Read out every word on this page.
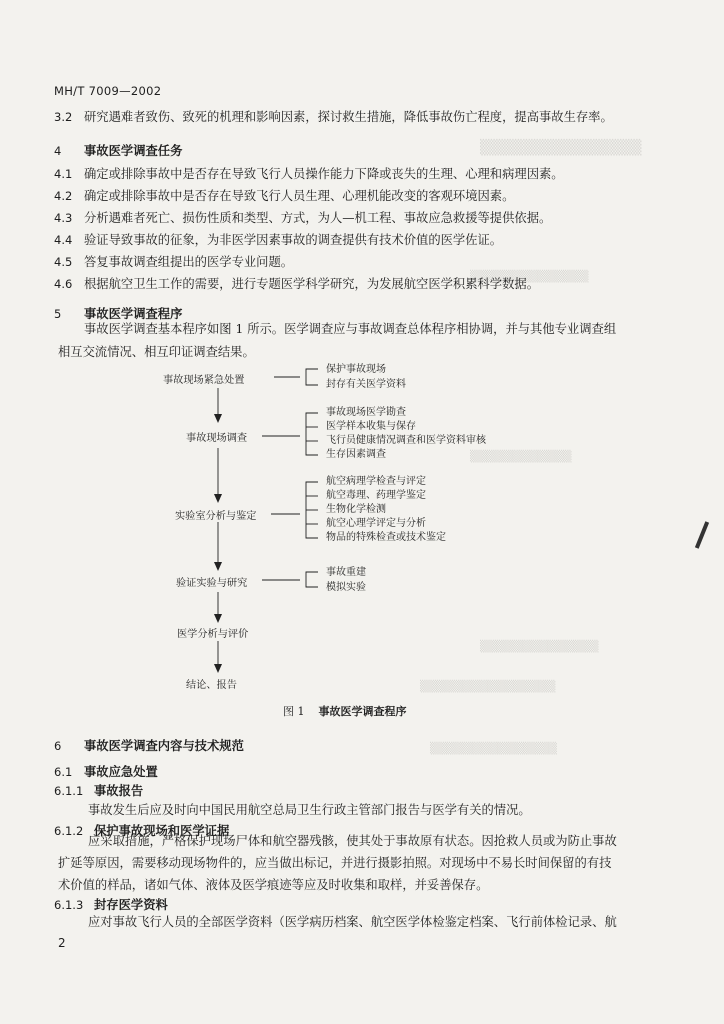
▒▒▒▒▒▒▒▒▒▒▒▒▒▒▒
▒▒▒▒▒▒▒▒▒▒▒▒▒▒
▒▒▒▒▒▒▒▒▒▒▒▒
▒▒▒▒▒▒▒▒▒▒▒▒▒▒
▒▒▒▒▒▒▒▒▒▒▒▒▒▒▒▒
▒▒▒▒▒▒▒▒▒▒▒▒▒▒▒
MH/T 7009—2002
3.2 研究遇难者致伤、致死的机理和影响因素，探讨救生措施，降低事故伤亡程度，提高事故生存率。
4 事故医学调查任务
4.1 确定或排除事故中是否存在导致飞行人员操作能力下降或丧失的生理、心理和病理因素。
4.2 确定或排除事故中是否存在导致飞行人员生理、心理机能改变的客观环境因素。
4.3 分析遇难者死亡、损伤性质和类型、方式，为人—机工程、事故应急救援等提供依据。
4.4 验证导致事故的征象，为非医学因素事故的调查提供有技术价值的医学佐证。
4.5 答复事故调查组提出的医学专业问题。
4.6 根据航空卫生工作的需要，进行专题医学科学研究，为发展航空医学积累科学数据。
5 事故医学调查程序
事故医学调查基本程序如图 1 所示。医学调查应与事故调查总体程序相协调，并与其他专业调查组
相互交流情况、相互印证调查结果。
事故现场紧急处置
保护事故现场
封存有关医学资料
事故现场调查
事故现场医学勘查
医学样本收集与保存
飞行员健康情况调查和医学资料审核
生存因素调查
实验室分析与鉴定
航空病理学检查与评定
航空毒理、药理学鉴定
生物化学检测
航空心理学评定与分析
物品的特殊检查或技术鉴定
验证实验与研究
事故重建
模拟实验
医学分析与评价
结论、报告
图 1 事故医学调查程序
6 事故医学调查内容与技术规范
6.1 事故应急处置
6.1.1 事故报告
事故发生后应及时向中国民用航空总局卫生行政主管部门报告与医学有关的情况。
6.1.2 保护事故现场和医学证据
应采取措施，严格保护现场尸体和航空器残骸，使其处于事故原有状态。因抢救人员或为防止事故
扩延等原因，需要移动现场物件的，应当做出标记，并进行摄影拍照。对现场中不易长时间保留的有技
术价值的样品，诸如气体、液体及医学痕迹等应及时收集和取样，并妥善保存。
6.1.3 封存医学资料
应对事故飞行人员的全部医学资料（医学病历档案、航空医学体检鉴定档案、飞行前体检记录、航
2
